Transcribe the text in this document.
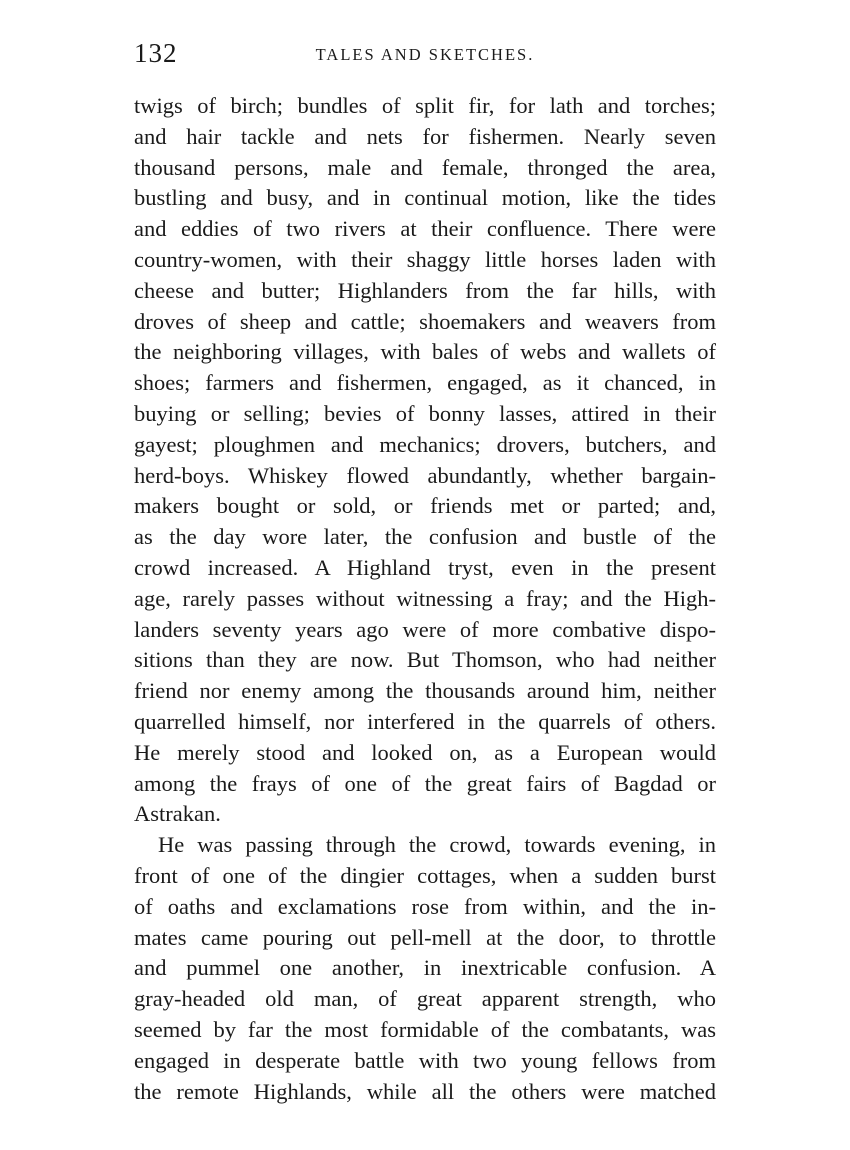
132	TALES AND SKETCHES.
twigs of birch; bundles of split fir, for lath and torches;
and hair tackle and nets for fishermen. Nearly seven
thousand persons, male and female, thronged the area,
bustling and busy, and in continual motion, like the tides
and eddies of two rivers at their confluence. There were
country-women, with their shaggy little horses laden with
cheese and butter; Highlanders from the far hills, with
droves of sheep and cattle; shoemakers and weavers from
the neighboring villages, with bales of webs and wallets of
shoes; farmers and fishermen, engaged, as it chanced, in
buying or selling; bevies of bonny lasses, attired in their
gayest; ploughmen and mechanics; drovers, butchers, and
herd-boys. Whiskey flowed abundantly, whether bargain-
makers bought or sold, or friends met or parted; and,
as the day wore later, the confusion and bustle of the
crowd increased. A Highland tryst, even in the present
age, rarely passes without witnessing a fray; and the High-
landers seventy years ago were of more combative dispo-
sitions than they are now. But Thomson, who had neither
friend nor enemy among the thousands around him, neither
quarrelled himself, nor interfered in the quarrels of others.
He merely stood and looked on, as a European would
among the frays of one of the great fairs of Bagdad or
Astrakan.
He was passing through the crowd, towards evening, in
front of one of the dingier cottages, when a sudden burst
of oaths and exclamations rose from within, and the in-
mates came pouring out pell-mell at the door, to throttle
and pummel one another, in inextricable confusion. A
gray-headed old man, of great apparent strength, who
seemed by far the most formidable of the combatants, was
engaged in desperate battle with two young fellows from
the remote Highlands, while all the others were matched
